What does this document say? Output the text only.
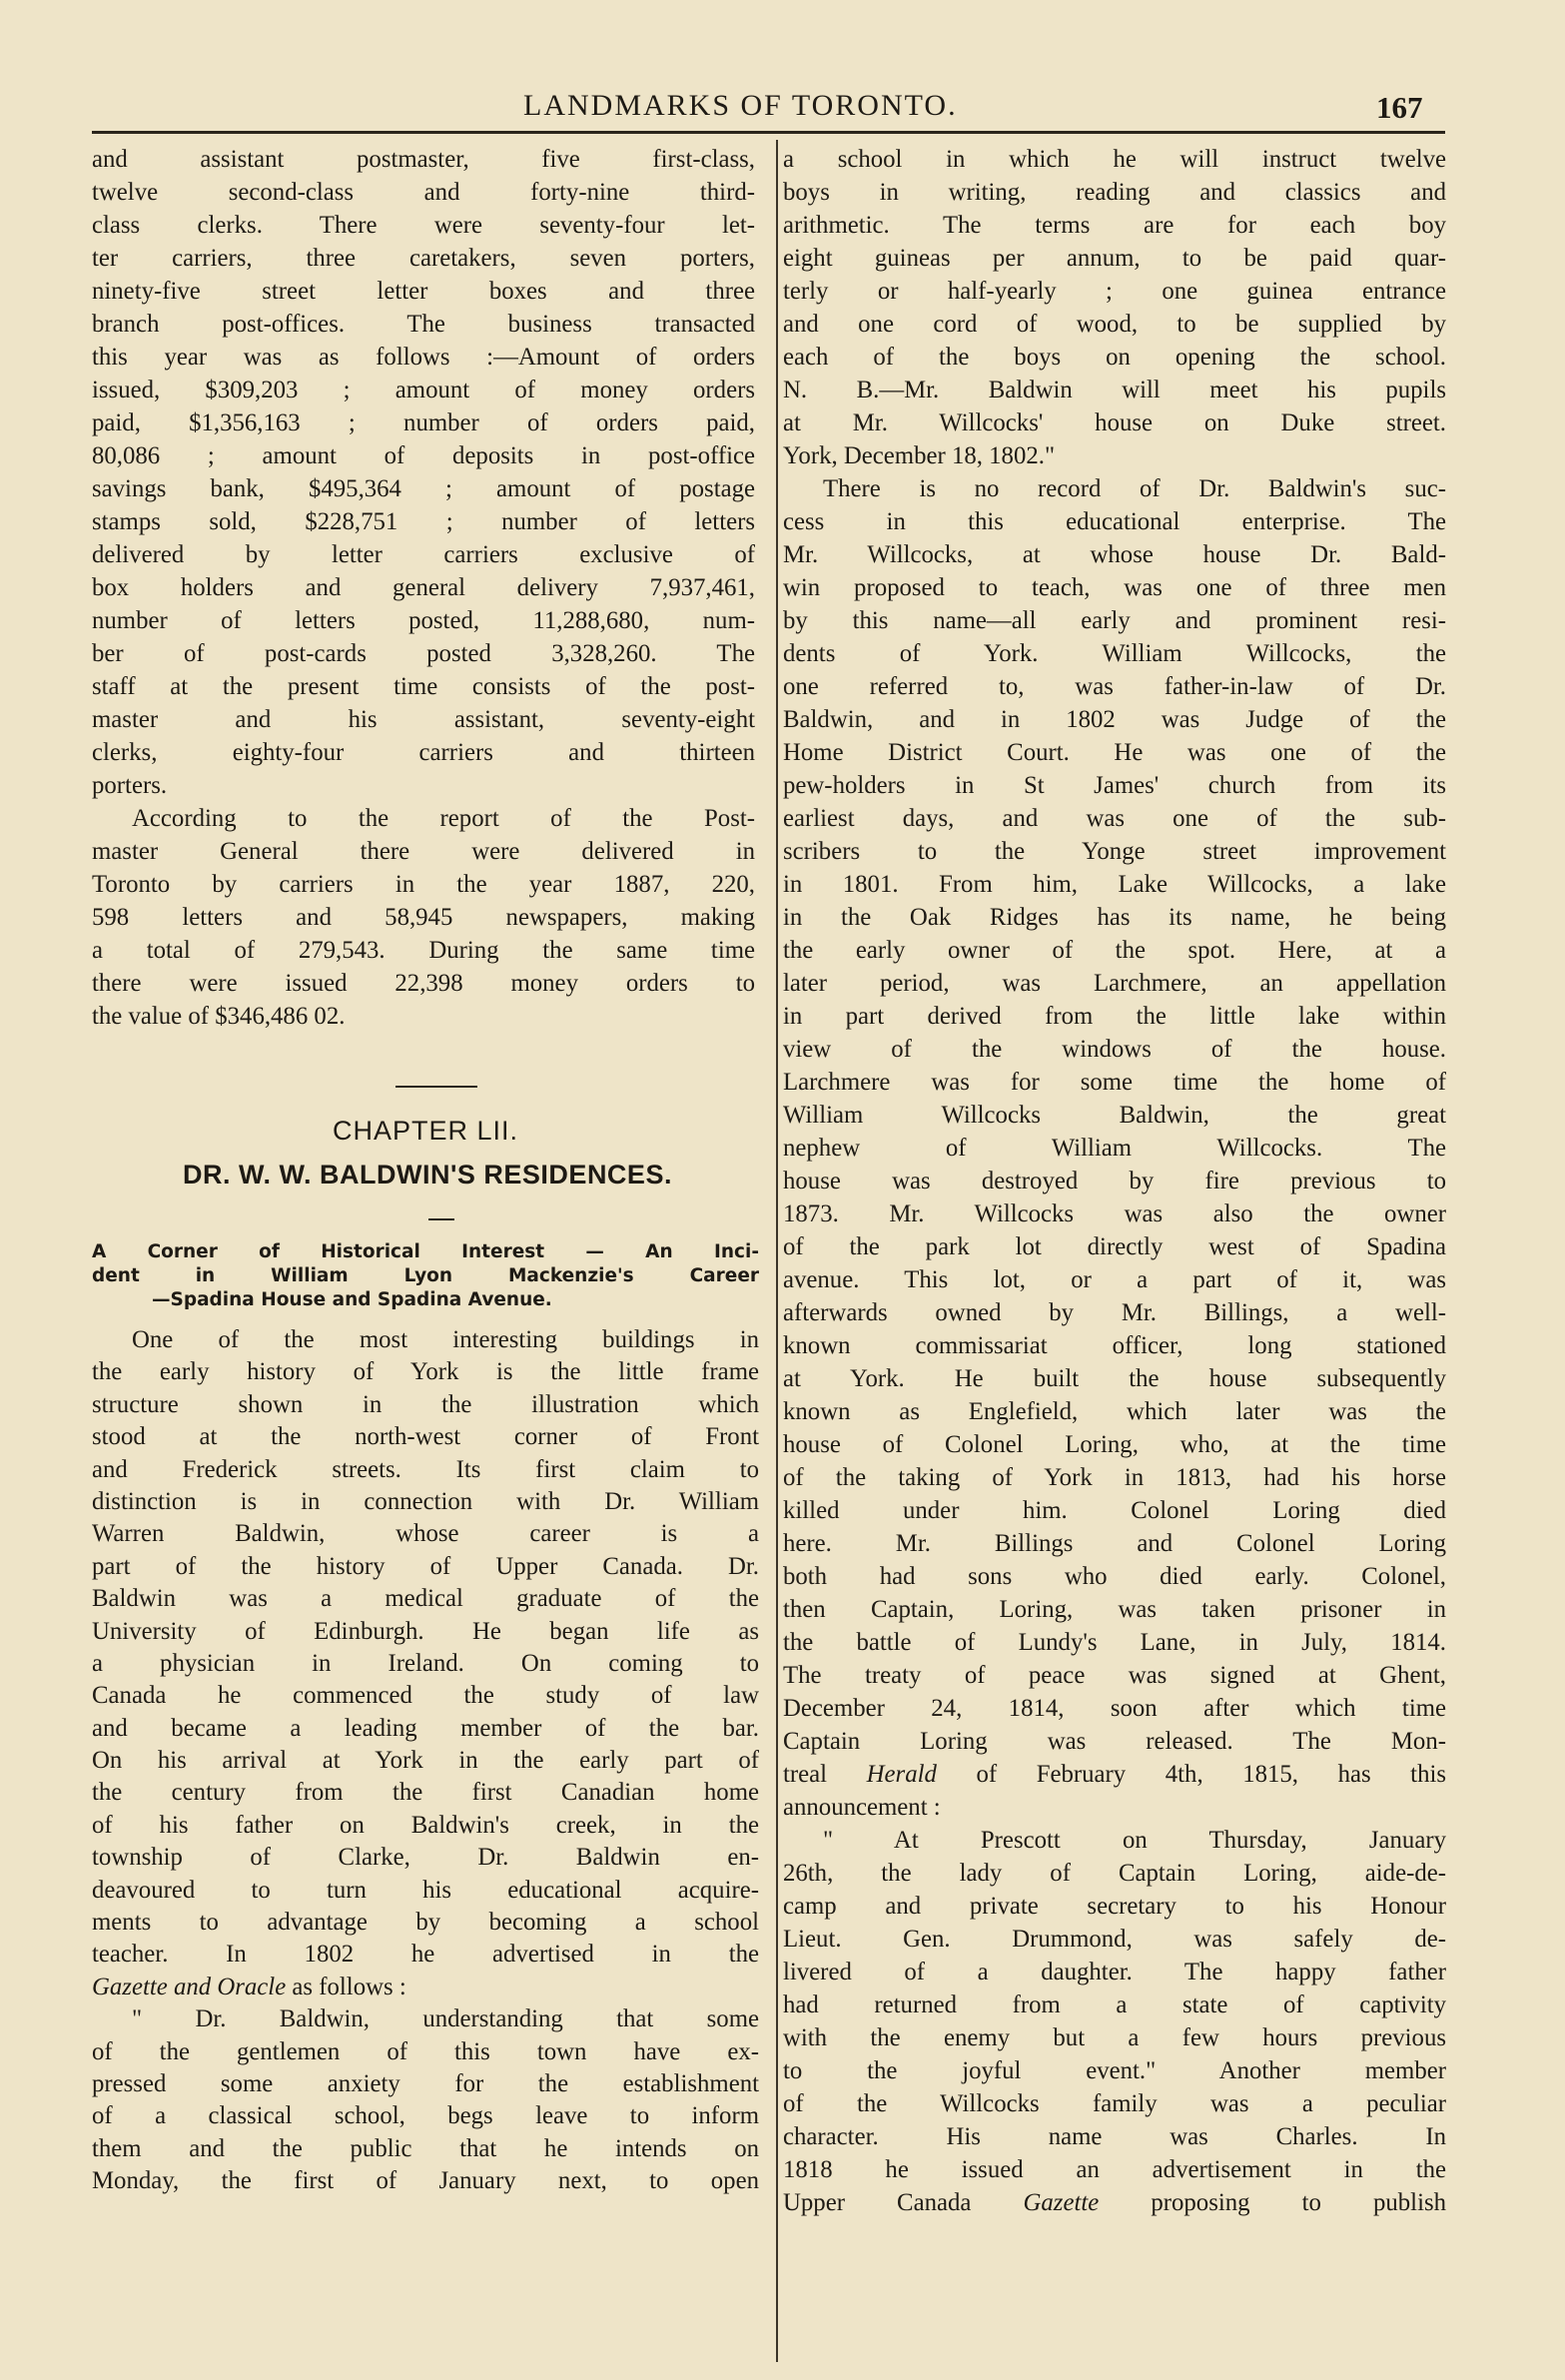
LANDMARKS OF TORONTO.	167
and assistant postmaster, five first-class,
twelve second-class and forty-nine third-
class clerks. There were seventy-four let-
ter carriers, three caretakers, seven porters,
ninety-five street letter boxes and three
branch post-offices. The business transacted
this year was as follows :—Amount of orders
issued, $309,203 ; amount of money orders
paid, $1,356,163 ; number of orders paid,
80,086 ; amount of deposits in post-office
savings bank, $495,364 ; amount of postage
stamps sold, $228,751 ; number of letters
delivered by letter carriers exclusive of
box holders and general delivery 7,937,461,
number of letters posted, 11,288,680, num-
ber of post-cards posted 3,328,260. The
staff at the present time consists of the post-
master and his assistant, seventy-eight
clerks, eighty-four carriers and thirteen
porters.
According to the report of the Post-
master General there were delivered in
Toronto by carriers in the year 1887, 220,
598 letters and 58,945 newspapers, making
a total of 279,543. During the same time
there were issued 22,398 money orders to
the value of $346,486 02.
CHAPTER LII.
DR. W. W. BALDWIN'S RESIDENCES.
A Corner of Historical Interest — An Inci-
dent in William Lyon Mackenzie's Career
—Spadina House and Spadina Avenue.
One of the most interesting buildings in
the early history of York is the little frame
structure shown in the illustration which
stood at the north-west corner of Front
and Frederick streets. Its first claim to
distinction is in connection with Dr. William
Warren Baldwin, whose career is a
part of the history of Upper Canada. Dr.
Baldwin was a medical graduate of the
University of Edinburgh. He began life as
a physician in Ireland. On coming to
Canada he commenced the study of law
and became a leading member of the bar.
On his arrival at York in the early part of
the century from the first Canadian home
of his father on Baldwin's creek, in the
township of Clarke, Dr. Baldwin en-
deavoured to turn his educational acquire-
ments to advantage by becoming a school
teacher. In 1802 he advertised in the
Gazette and Oracle as follows :
" Dr. Baldwin, understanding that some
of the gentlemen of this town have ex-
pressed some anxiety for the establishment
of a classical school, begs leave to inform
them and the public that he intends on
Monday, the first of January next, to open
a school in which he will instruct twelve
boys in writing, reading and classics and
arithmetic. The terms are for each boy
eight guineas per annum, to be paid quar-
terly or half-yearly ; one guinea entrance
and one cord of wood, to be supplied by
each of the boys on opening the school.
N. B.—Mr. Baldwin will meet his pupils
at Mr. Willcocks' house on Duke street.
York, December 18, 1802."
There is no record of Dr. Baldwin's suc-
cess in this educational enterprise. The
Mr. Willcocks, at whose house Dr. Bald-
win proposed to teach, was one of three men
by this name—all early and prominent resi-
dents of York. William Willcocks, the
one referred to, was father-in-law of Dr.
Baldwin, and in 1802 was Judge of the
Home District Court. He was one of the
pew-holders in St James' church from its
earliest days, and was one of the sub-
scribers to the Yonge street improvement
in 1801. From him, Lake Willcocks, a lake
in the Oak Ridges has its name, he being
the early owner of the spot. Here, at a
later period, was Larchmere, an appellation
in part derived from the little lake within
view of the windows of the house.
Larchmere was for some time the home of
William Willcocks Baldwin, the great
nephew of William Willcocks. The
house was destroyed by fire previous to
1873. Mr. Willcocks was also the owner
of the park lot directly west of Spadina
avenue. This lot, or a part of it, was
afterwards owned by Mr. Billings, a well-
known commissariat officer, long stationed
at York. He built the house subsequently
known as Englefield, which later was the
house of Colonel Loring, who, at the time
of the taking of York in 1813, had his horse
killed under him. Colonel Loring died
here. Mr. Billings and Colonel Loring
both had sons who died early. Colonel,
then Captain, Loring, was taken prisoner in
the battle of Lundy's Lane, in July, 1814.
The treaty of peace was signed at Ghent,
December 24, 1814, soon after which time
Captain Loring was released. The Mon-
treal Herald of February 4th, 1815, has this
announcement :
" At Prescott on Thursday, January
26th, the lady of Captain Loring, aide-de-
camp and private secretary to his Honour
Lieut. Gen. Drummond, was safely de-
livered of a daughter. The happy father
had returned from a state of captivity
with the enemy but a few hours previous
to the joyful event." Another member
of the Willcocks family was a peculiar
character. His name was Charles. In
1818 he issued an advertisement in the
Upper Canada Gazette proposing to publish
